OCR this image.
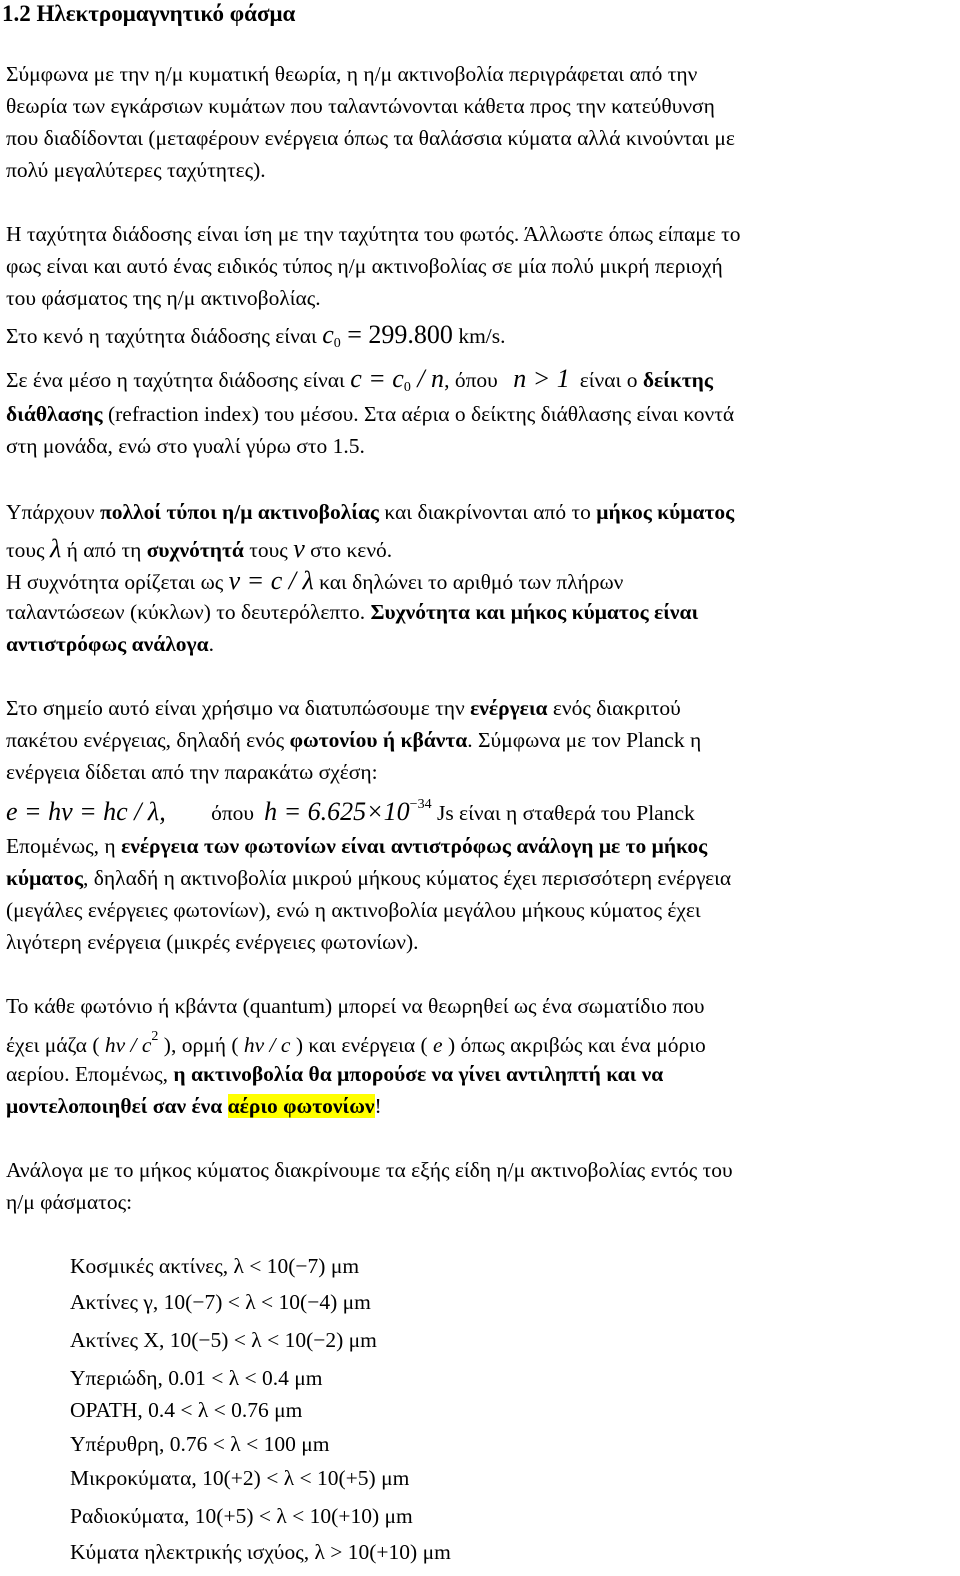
1.2 Ηλεκτρομαγνητικό φάσμα
Σύμφωνα με την η/μ κυματική θεωρία, η η/μ ακτινοβολία περιγράφεται από την
θεωρία των εγκάρσιων κυμάτων που ταλαντώνονται κάθετα προς την κατεύθυνση
που διαδίδονται (μεταφέρουν ενέργεια όπως τα θαλάσσια κύματα αλλά κινούνται με
πολύ μεγαλύτερες ταχύτητες).
Η ταχύτητα διάδοσης είναι ίση με την ταχύτητα του φωτός. Άλλωστε όπως είπαμε το
φως είναι και αυτό ένας ειδικός τύπος η/μ ακτινοβολίας σε μία πολύ μικρή περιοχή
του φάσματος της η/μ ακτινοβολίας.
Στο κενό η ταχύτητα διάδοσης είναι $c_0 = 299.800$ km/s.
Σε ένα μέσο η ταχύτητα διάδοσης είναι $c = c_0 / n$, όπου n > 1 είναι ο δείκτης
διάθλασης (refraction index) του μέσου. Στα αέρια ο δείκτης διάθλασης είναι κοντά
στη μονάδα, ενώ στο γυαλί γύρω στο 1.5.
Υπάρχουν πολλοί τύποι η/μ ακτινοβολίας και διακρίνονται από το μήκος κύματος
τους λ ή από τη συχνότητά τους ν στο κενό.
Η συχνότητα ορίζεται ως ν = c / λ και δηλώνει το αριθμό των πλήρων
ταλαντώσεων (κύκλων) το δευτερόλεπτο. Συχνότητα και μήκος κύματος είναι
αντιστρόφως ανάλογα.
Στο σημείο αυτό είναι χρήσιμο να διατυπώσουμε την ενέργεια ενός διακριτού
πακέτου ενέργειας, δηλαδή ενός φωτονίου ή κβάντα. Σύμφωνα με τον Planck η
ενέργεια δίδεται από την παρακάτω σχέση:
e = hν = hc / λ, όπου $h = 6.625\times 10^{-34}$ Js είναι η σταθερά του Planck
Επομένως, η ενέργεια των φωτονίων είναι αντιστρόφως ανάλογη με το μήκος
κύματος, δηλαδή η ακτινοβολία μικρού μήκους κύματος έχει περισσότερη ενέργεια
(μεγάλες ενέργειες φωτονίων), ενώ η ακτινοβολία μεγάλου μήκους κύματος έχει
λιγότερη ενέργεια (μικρές ενέργειες φωτονίων).
Το κάθε φωτόνιο ή κβάντα (quantum) μπορεί να θεωρηθεί ως ένα σωματίδιο που
έχει μάζα ( hν / $c^2$ ), ορμή ( hν / c ) και ενέργεια ( e ) όπως ακριβώς και ένα μόριο
αερίου. Επομένως, η ακτινοβολία θα μπορούσε να γίνει αντιληπτή και να
μοντελοποιηθεί σαν ένα αέριο φωτονίων!
Ανάλογα με το μήκος κύματος διακρίνουμε τα εξής είδη η/μ ακτινοβολίας εντός του
η/μ φάσματος:
Κοσμικές ακτίνες, λ < 10(−7) μm
Ακτίνες γ, 10(−7) < λ < 10(−4) μm
Ακτίνες Χ, 10(−5) < λ < 10(−2) μm
Υπεριώδη, 0.01 < λ < 0.4 μm
ΟΡΑΤΗ, 0.4 < λ < 0.76 μm
Υπέρυθρη, 0.76 < λ < 100 μm
Μικροκύματα, 10(+2) < λ < 10(+5) μm
Ραδιοκύματα, 10(+5) < λ < 10(+10) μm
Κύματα ηλεκτρικής ισχύος, λ > 10(+10) μm
